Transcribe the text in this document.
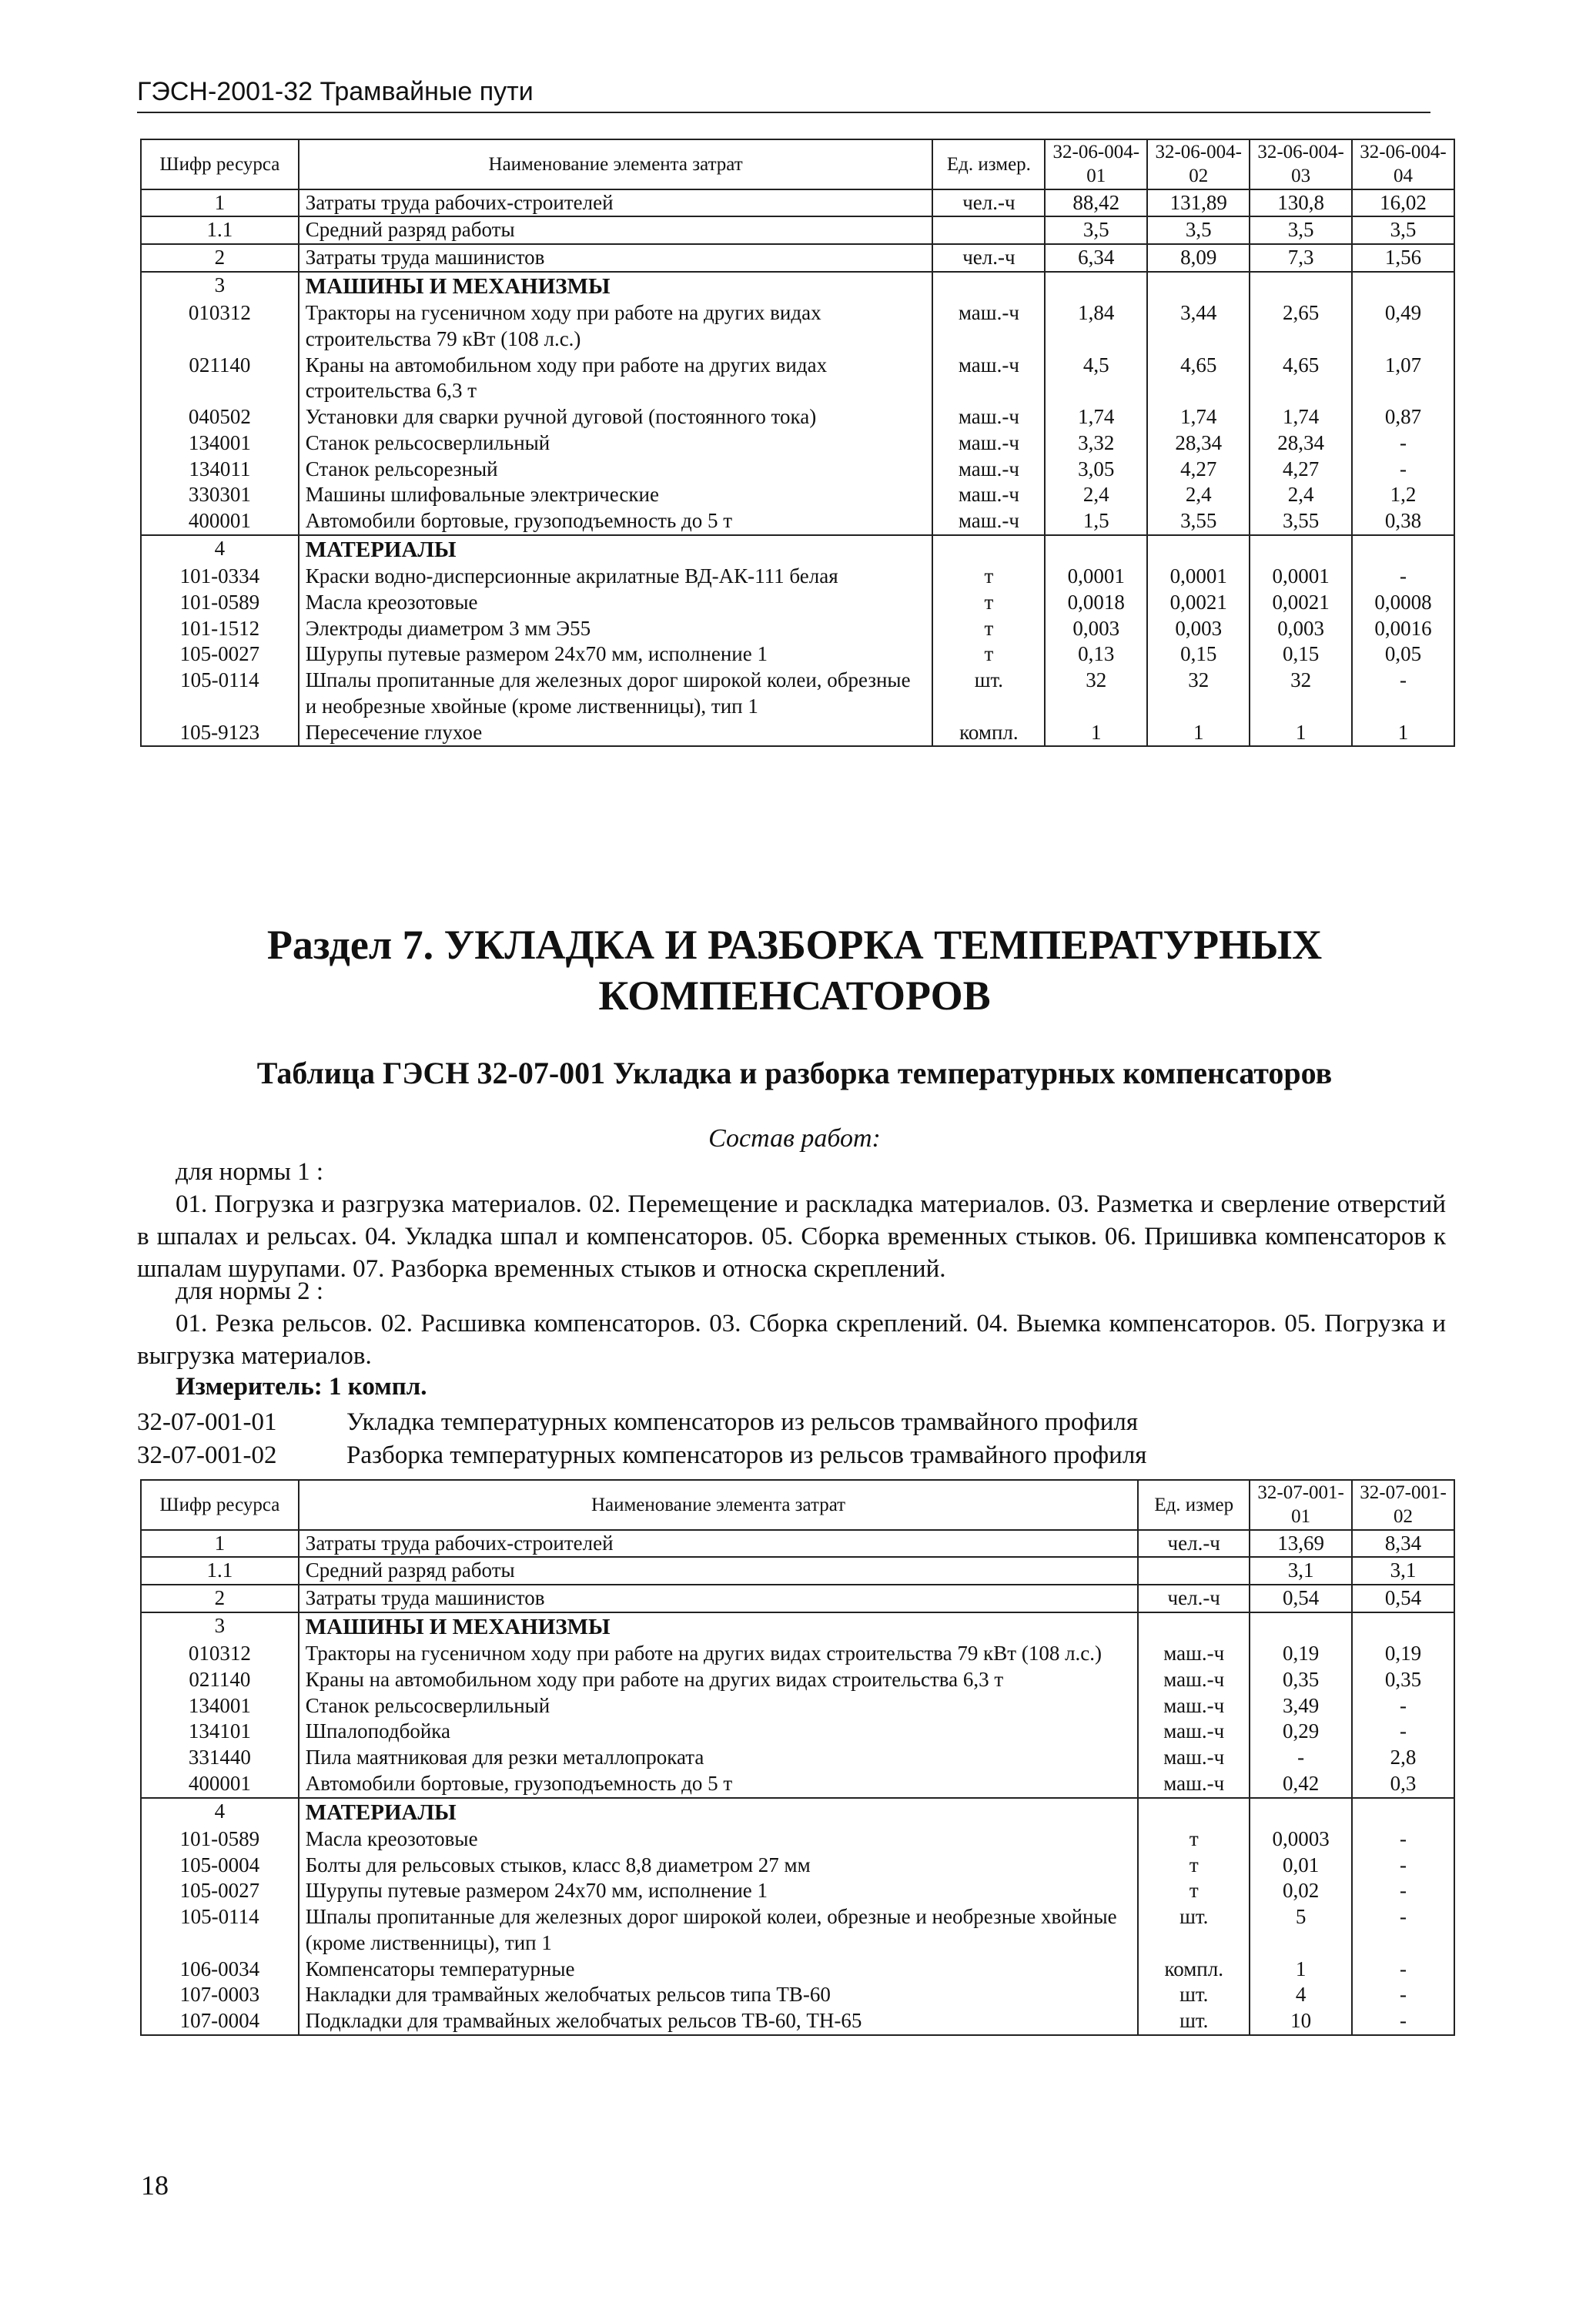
ГЭСН-2001-32 Трамвайные пути
Шифр ресурса	Наименование элемента затрат	Ед. измер.	32-06-004-01	32-06-004-02	32-06-004-03	32-06-004-04
1	Затраты труда рабочих-строителей	чел.-ч	88,42	131,89	130,8	16,02
1.1	Средний разряд работы		3,5	3,5	3,5	3,5
2	Затраты труда машинистов	чел.-ч	6,34	8,09	7,3	1,56
3	МАШИНЫ И МЕХАНИЗМЫ					
010312	Тракторы на гусеничном ходу при работе на других видах строительства 79 кВт (108 л.с.)	маш.-ч	1,84	3,44	2,65	0,49
021140	Краны на автомобильном ходу при работе на других видах строительства 6,3 т	маш.-ч	4,5	4,65	4,65	1,07
040502	Установки для сварки ручной дуговой (постоянного тока)	маш.-ч	1,74	1,74	1,74	0,87
134001	Станок рельсосверлильный	маш.-ч	3,32	28,34	28,34	-
134011	Станок рельсорезный	маш.-ч	3,05	4,27	4,27	-
330301	Машины шлифовальные электрические	маш.-ч	2,4	2,4	2,4	1,2
400001	Автомобили бортовые, грузоподъемность до 5 т	маш.-ч	1,5	3,55	3,55	0,38
4	МАТЕРИАЛЫ					
101-0334	Краски водно-дисперсионные акрилатные ВД-АК-111 белая	т	0,0001	0,0001	0,0001	-
101-0589	Масла креозотовые	т	0,0018	0,0021	0,0021	0,0008
101-1512	Электроды диаметром 3 мм Э55	т	0,003	0,003	0,003	0,0016
105-0027	Шурупы путевые размером 24х70 мм, исполнение 1	т	0,13	0,15	0,15	0,05
105-0114	Шпалы пропитанные для железных дорог широкой колеи, обрезные и необрезные хвойные (кроме лиственницы), тип 1	шт.	32	32	32	-
105-9123	Пересечение глухое	компл.	1	1	1	1
Раздел 7. УКЛАДКА И РАЗБОРКА ТЕМПЕРАТУРНЫХ КОМПЕНСАТОРОВ
Таблица ГЭСН 32-07-001 Укладка и разборка температурных компенсаторов
Состав работ:
для нормы 1 :
01. Погрузка и разгрузка материалов. 02. Перемещение и раскладка материалов. 03. Разметка и сверление отверстий в шпалах и рельсах. 04. Укладка шпал и компенсаторов. 05. Сборка временных стыков. 06. Пришивка компенсаторов к шпалам шурупами. 07. Разборка временных стыков и относка скреплений.
для нормы 2 :
01. Резка рельсов. 02. Расшивка компенсаторов. 03. Сборка скреплений. 04. Выемка компенсаторов. 05. Погрузка и выгрузка материалов.
Измеритель: 1 компл.
32-07-001-01	Укладка температурных компенсаторов из рельсов трамвайного профиля
32-07-001-02	Разборка температурных компенсаторов из рельсов трамвайного профиля
Шифр ресурса	Наименование элемента затрат	Ед. измер	32-07-001-01	32-07-001-02
1	Затраты труда рабочих-строителей	чел.-ч	13,69	8,34
1.1	Средний разряд работы		3,1	3,1
2	Затраты труда машинистов	чел.-ч	0,54	0,54
3	МАШИНЫ И МЕХАНИЗМЫ			
010312	Тракторы на гусеничном ходу при работе на других видах строительства 79 кВт (108 л.с.)	маш.-ч	0,19	0,19
021140	Краны на автомобильном ходу при работе на других видах строительства 6,3 т	маш.-ч	0,35	0,35
134001	Станок рельсосверлильный	маш.-ч	3,49	-
134101	Шпалоподбойка	маш.-ч	0,29	-
331440	Пила маятниковая для резки металлопроката	маш.-ч	-	2,8
400001	Автомобили бортовые, грузоподъемность до 5 т	маш.-ч	0,42	0,3
4	МАТЕРИАЛЫ			
101-0589	Масла креозотовые	т	0,0003	-
105-0004	Болты для рельсовых стыков, класс 8,8 диаметром 27 мм	т	0,01	-
105-0027	Шурупы путевые размером 24х70 мм, исполнение 1	т	0,02	-
105-0114	Шпалы пропитанные для железных дорог широкой колеи, обрезные и необрезные хвойные (кроме лиственницы), тип 1	шт.	5	-
106-0034	Компенсаторы температурные	компл.	1	-
107-0003	Накладки для трамвайных желобчатых рельсов типа ТВ-60	шт.	4	-
107-0004	Подкладки для трамвайных желобчатых рельсов ТВ-60, ТН-65	шт.	10	-
18
